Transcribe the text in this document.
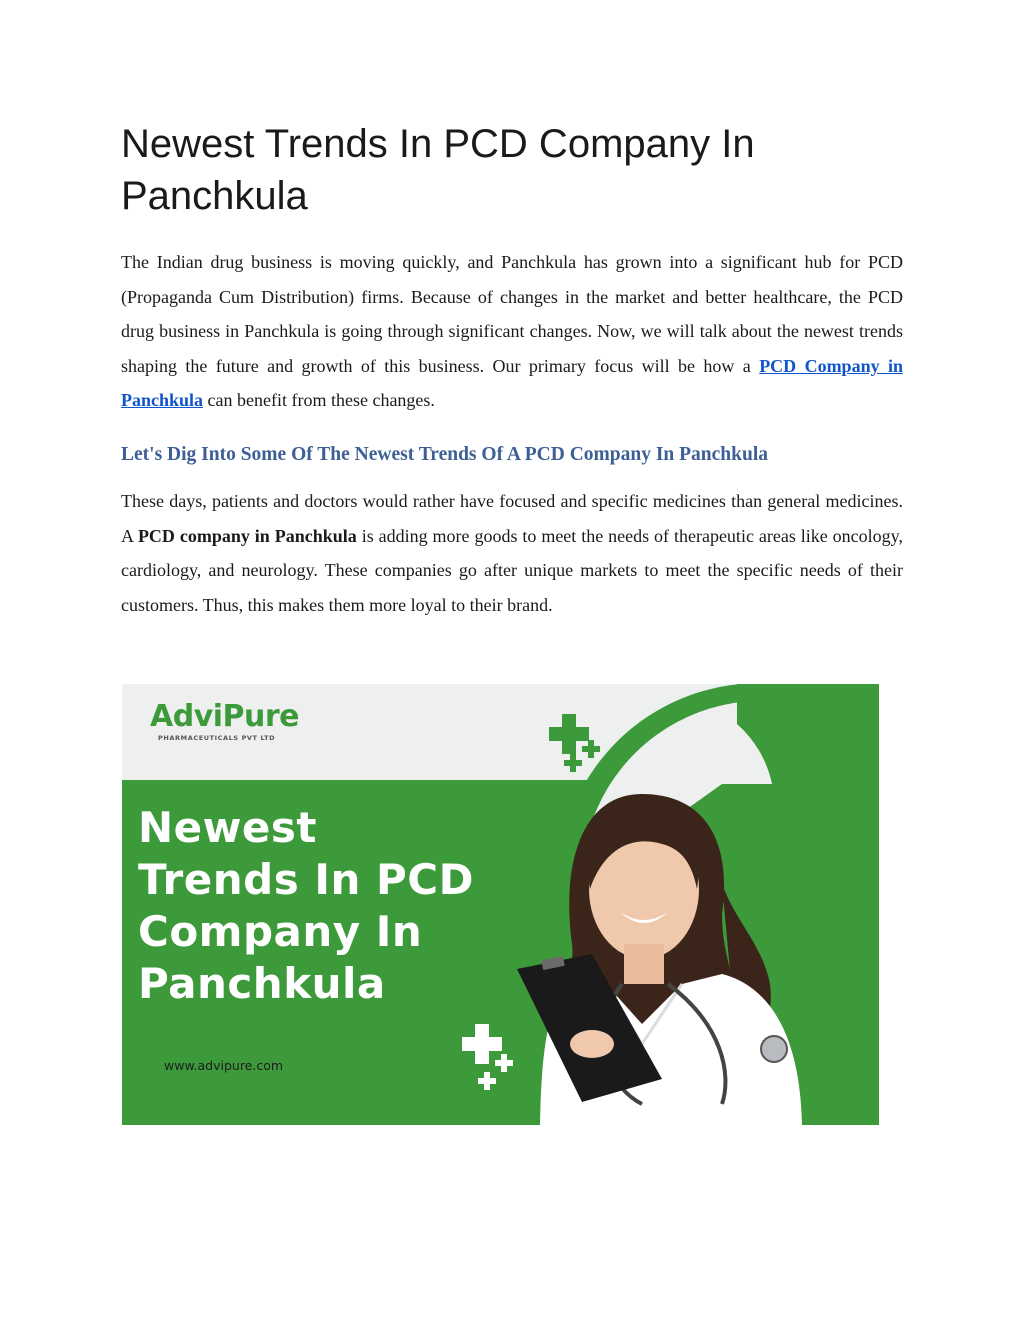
Newest Trends In PCD Company In Panchkula

The Indian drug business is moving quickly, and Panchkula has grown into a significant hub for PCD (Propaganda Cum Distribution) firms. Because of changes in the market and better healthcare, the PCD drug business in Panchkula is going through significant changes. Now, we will talk about the newest trends shaping the future and growth of this business. Our primary focus will be how a PCD Company in Panchkula can benefit from these changes.

Let's Dig Into Some Of The Newest Trends Of A PCD Company In Panchkula

These days, patients and doctors would rather have focused and specific medicines than general medicines. A PCD company in Panchkula is adding more goods to meet the needs of therapeutic areas like oncology, cardiology, and neurology. These companies go after unique markets to meet the specific needs of their customers. Thus, this makes them more loyal to their brand.

AdviPure
PHARMACEUTICALS PVT LTD
Newest
Trends In PCD
Company In
Panchkula
www.advipure.com
